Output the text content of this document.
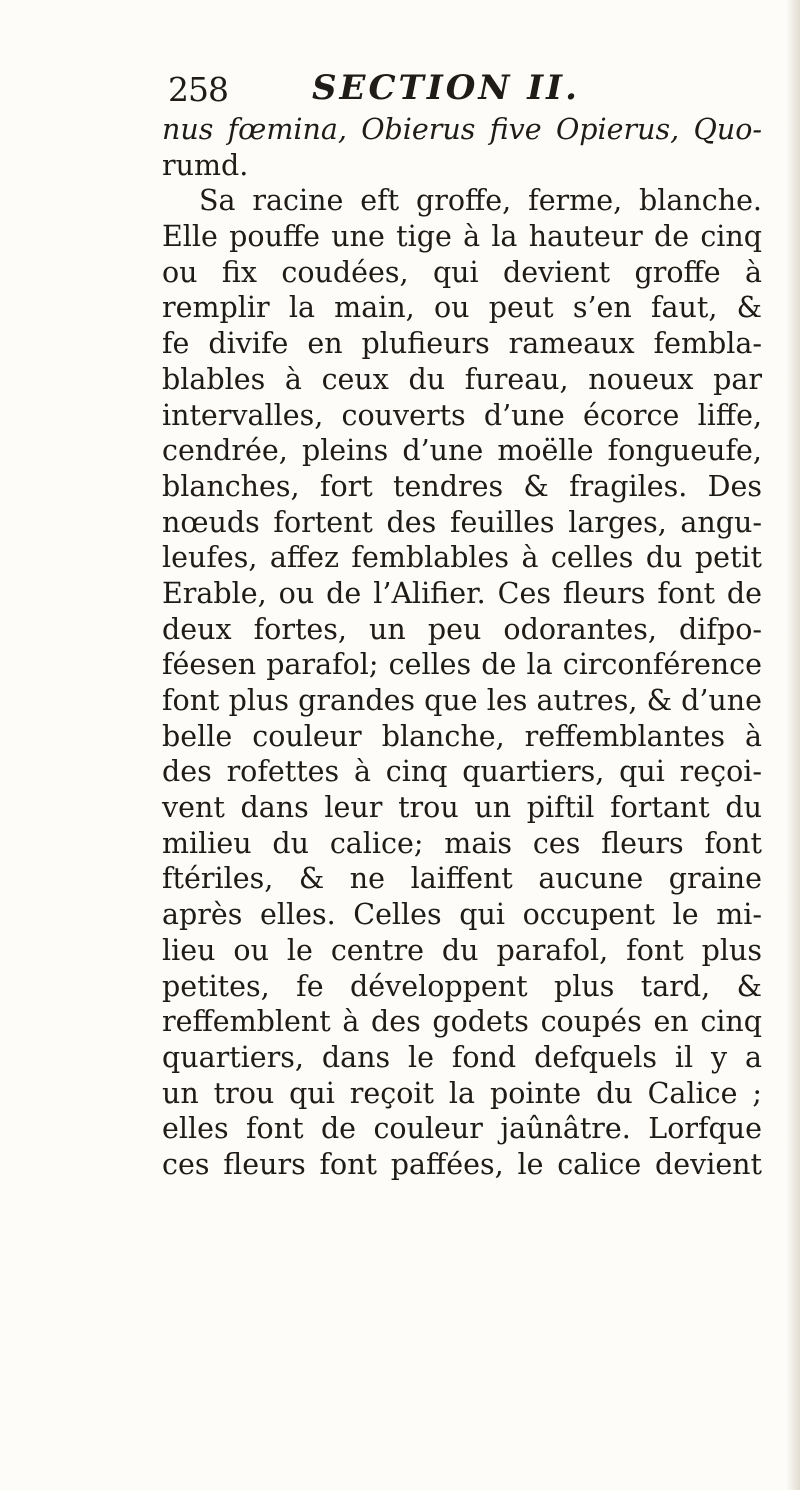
258 SECTION II.
nus fœmina, Obierus five Opierus, Quo-
rumd.
Sa racine eft groffe, ferme, blanche.
Elle pouffe une tige à la hauteur de cinq
ou fix coudées, qui devient groffe à
remplir la main, ou peut s’en faut, &
fe divife en plufieurs rameaux fembla-
blables à ceux du fureau, noueux par
intervalles, couverts d’une écorce liffe,
cendrée, pleins d’une moëlle fongueufe,
blanches, fort tendres & fragiles. Des
nœuds fortent des feuilles larges, angu-
leufes, affez femblables à celles du petit
Erable, ou de l’Alifier. Ces fleurs font de
deux fortes, un peu odorantes, difpo-
féesen parafol; celles de la circonférence
font plus grandes que les autres, & d’une
belle couleur blanche, reffemblantes à
des rofettes à cinq quartiers, qui reçoi-
vent dans leur trou un piftil fortant du
milieu du calice; mais ces fleurs font
ftériles, & ne laiffent aucune graine
après elles. Celles qui occupent le mi-
lieu ou le centre du parafol, font plus
petites, fe développent plus tard, &
reffemblent à des godets coupés en cinq
quartiers, dans le fond defquels il y a
un trou qui reçoit la pointe du Calice ;
elles font de couleur jaûnâtre. Lorfque
ces fleurs font paffées, le calice devient
